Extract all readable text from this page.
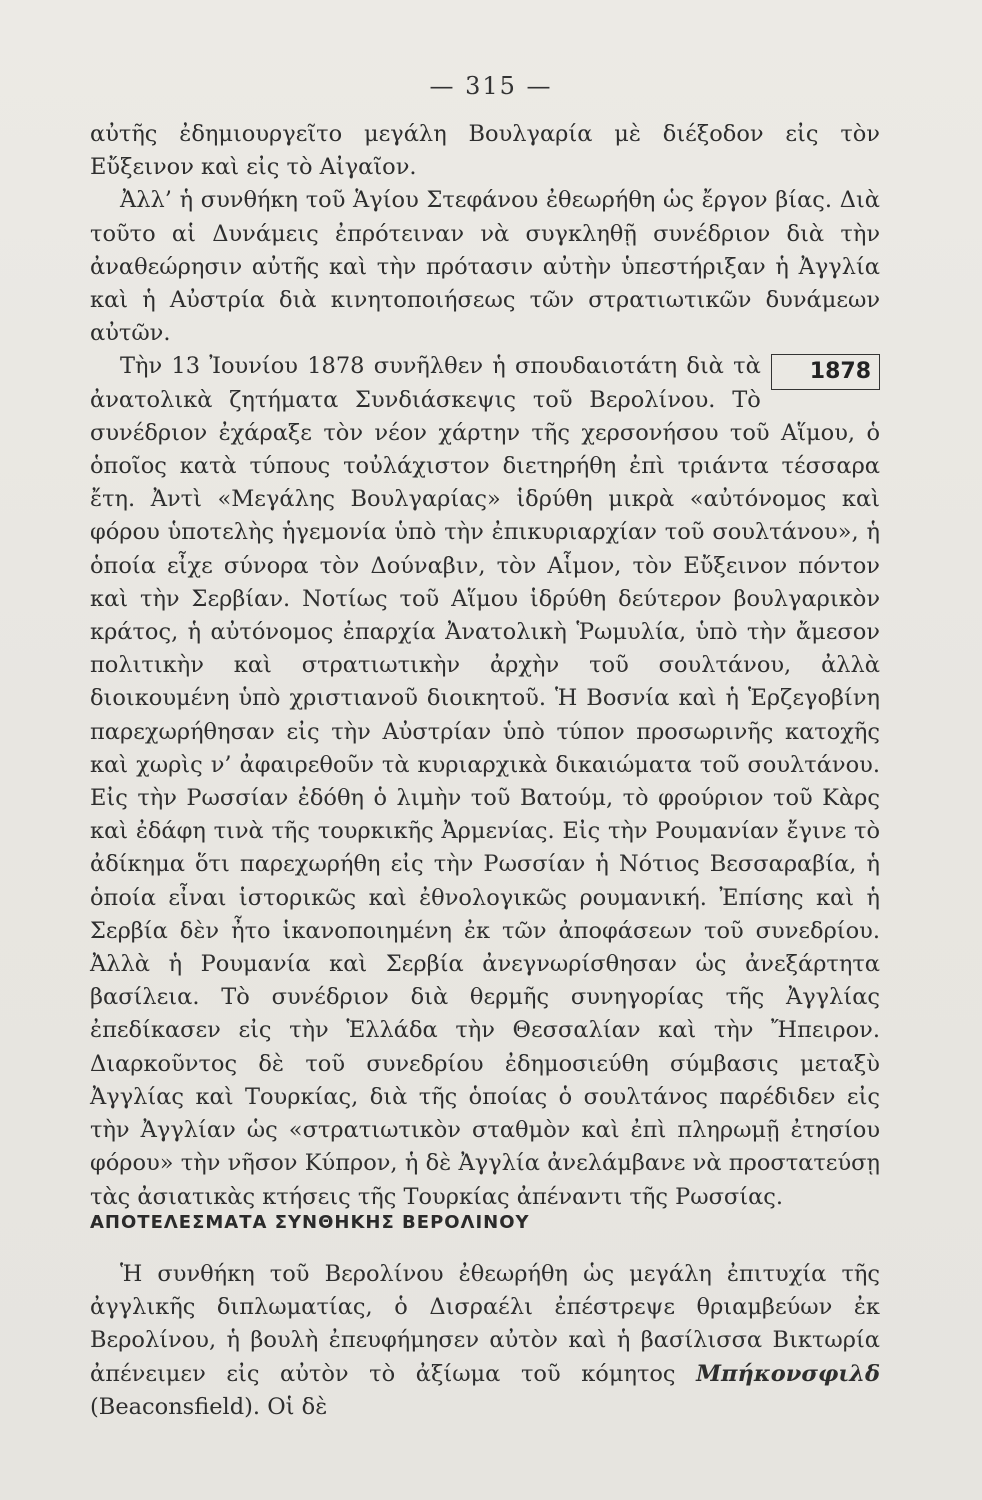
— 315 —

αὐτῆς ἐδημιουργεῖτο μεγάλη Βουλγαρία μὲ διέξοδον εἰς τὸν Εὔξεινον καὶ εἰς τὸ Αἰγαῖον.

Ἀλλ’ ἡ συνθήκη τοῦ Ἁγίου Στεφάνου ἐθεωρήθη ὡς ἔργον βίας. Διὰ τοῦτο αἱ Δυνάμεις ἐπρότειναν νὰ συγκληθῇ συνέδριον διὰ τὴν ἀναθεώρησιν αὐτῆς καὶ τὴν πρότασιν αὐτὴν ὑπεστήριξαν ἡ Ἀγγλία καὶ ἡ Αὐστρία διὰ κινητοποιήσεως τῶν στρατιωτικῶν δυνάμεων αὐτῶν.

1878
Τὴν 13 Ἰουνίου 1878 συνῆλθεν ἡ σπουδαιοτάτη διὰ τὰ ἀνατολικὰ ζητήματα Συνδιάσκεψις τοῦ Βερολίνου. Τὸ συνέδριον ἐχάραξε τὸν νέον χάρτην τῆς χερσονήσου τοῦ Αἵμου, ὁ ὁποῖος κατὰ τύπους τοὐλάχιστον διετηρήθη ἐπὶ τριάντα τέσσαρα ἔτη. Ἀντὶ «Μεγάλης Βουλγαρίας» ἱδρύθη μικρὰ «αὐτόνομος καὶ φόρου ὑποτελὴς ἡγεμονία ὑπὸ τὴν ἐπικυριαρχίαν τοῦ σουλτάνου», ἡ ὁποία εἶχε σύνορα τὸν Δούναβιν, τὸν Αἷμον, τὸν Εὔξεινον πόντον καὶ τὴν Σερβίαν. Νοτίως τοῦ Αἵμου ἱδρύθη δεύτερον βουλγαρικὸν κράτος, ἡ αὐτόνομος ἐπαρχία Ἀνατολικὴ Ῥωμυλία, ὑπὸ τὴν ἄμεσον πολιτικὴν καὶ στρατιωτικὴν ἀρχὴν τοῦ σουλτάνου, ἀλλὰ διοικουμένη ὑπὸ χριστιανοῦ διοικητοῦ. Ἡ Βοσνία καὶ ἡ Ἑρζεγοβίνη παρεχωρήθησαν εἰς τὴν Αὐστρίαν ὑπὸ τύπον προσωρινῆς κατοχῆς καὶ χωρὶς ν’ ἀφαιρεθοῦν τὰ κυριαρχικὰ δικαιώματα τοῦ σουλτάνου. Εἰς τὴν Ρωσσίαν ἐδόθη ὁ λιμὴν τοῦ Βατούμ, τὸ φρούριον τοῦ Κὰρς καὶ ἐδάφη τινὰ τῆς τουρκικῆς Ἀρμενίας. Εἰς τὴν Ρουμανίαν ἔγινε τὸ ἀδίκημα ὅτι παρεχωρήθη εἰς τὴν Ρωσσίαν ἡ Νότιος Βεσσαραβία, ἡ ὁποία εἶναι ἱστορικῶς καὶ ἐθνολογικῶς ρουμανική. Ἐπίσης καὶ ἡ Σερβία δὲν ἦτο ἱκανοποιημένη ἐκ τῶν ἀποφάσεων τοῦ συνεδρίου. Ἀλλὰ ἡ Ρουμανία καὶ Σερβία ἀνεγνωρίσθησαν ὡς ἀνεξάρτητα βασίλεια. Τὸ συνέδριον διὰ θερμῆς συνηγορίας τῆς Ἀγγλίας ἐπεδίκασεν εἰς τὴν Ἑλλάδα τὴν Θεσσαλίαν καὶ τὴν Ἤπειρον. Διαρκοῦντος δὲ τοῦ συνεδρίου ἐδημοσιεύθη σύμβασις μεταξὺ Ἀγγλίας καὶ Τουρκίας, διὰ τῆς ὁποίας ὁ σουλτάνος παρέδιδεν εἰς τὴν Ἀγγλίαν ὡς «στρατιωτικὸν σταθμὸν καὶ ἐπὶ πληρωμῇ ἐτησίου φόρου» τὴν νῆσον Κύπρον, ἡ δὲ Ἀγγλία ἀνελάμβανε νὰ προστατεύσῃ τὰς ἀσιατικὰς κτήσεις τῆς Τουρκίας ἀπέναντι τῆς Ρωσσίας.

ΑΠΟΤΕΛΕΣΜΑΤΑ ΣΥΝΘΗΚΗΣ ΒΕΡΟΛΙΝΟΥ

Ἡ συνθήκη τοῦ Βερολίνου ἐθεωρήθη ὡς μεγάλη ἐπιτυχία τῆς ἀγγλικῆς διπλωματίας, ὁ Δισραέλι ἐπέστρεψε θριαμβεύων ἐκ Βερολίνου, ἡ βουλὴ ἐπευφήμησεν αὐτὸν καὶ ἡ βασίλισσα Βικτωρία ἀπένειμεν εἰς αὐτὸν τὸ ἀξίωμα τοῦ κόμητος Μπήκονσφιλδ (Beaconsfield). Οἱ δὲ
